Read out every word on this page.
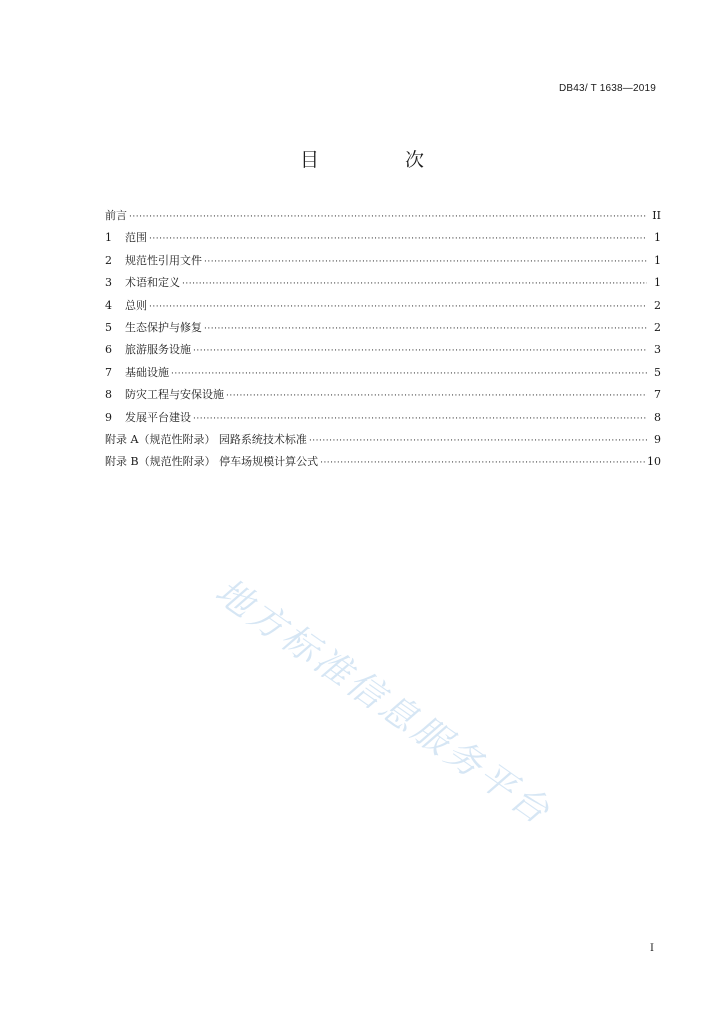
DB43/ T 1638—2019
目 次
前言 ·····	II
1	范围 ·····	1
2	规范性引用文件 ·····	1
3	术语和定义 ·····	1
4	总则 ·····	2
5	生态保护与修复 ·····	2
6	旅游服务设施 ·····	3
7	基础设施 ·····	5
8	防灾工程与安保设施 ·····	7
9	发展平台建设 ·····	8
附录 A（规范性附录） 园路系统技术标准 ·····	9
附录 B（规范性附录） 停车场规模计算公式 ·····	10
地方标准信息服务平台
I
